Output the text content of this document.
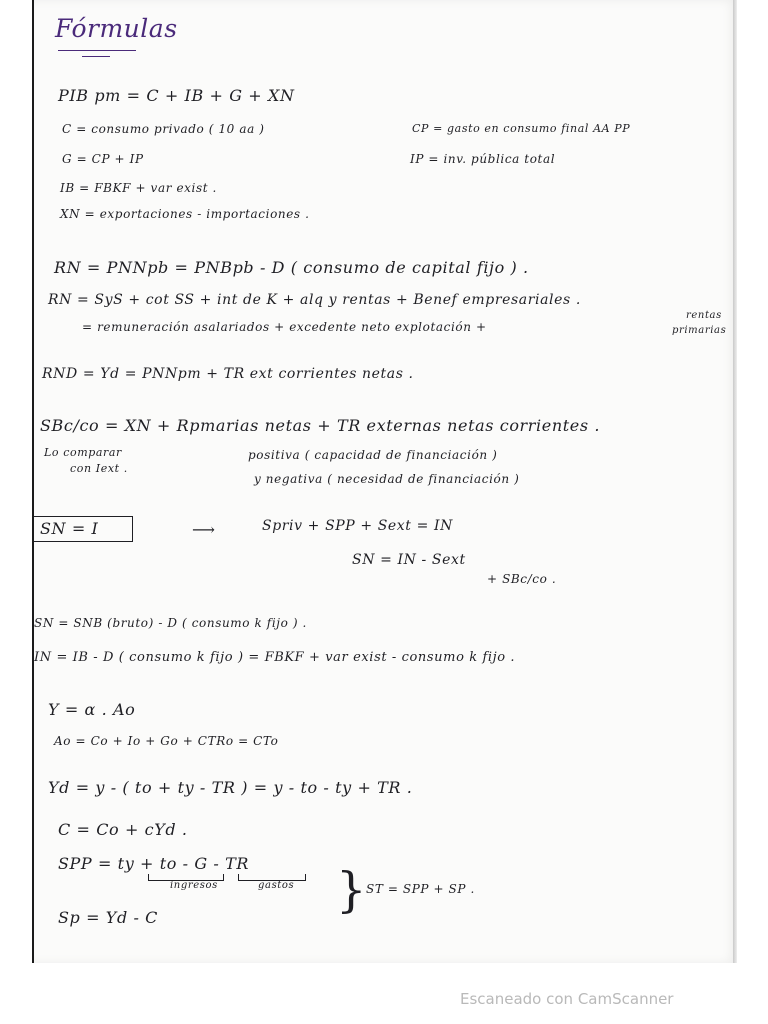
Fórmulas
PIB pm = C + IB + G + XN
C = consumo privado ( 10 aa )	CP = gasto en consumo final AA PP
G = CP + IP	IP = inv. pública total
IB = FBKF + var exist .
XN = exportaciones - importaciones .
RN = PNNpb = PNBpb - D ( consumo de capital fijo ) .
RN = SyS + cot SS + int de K + alq y rentas + Benef empresariales .
= remuneración asalariados + excedente neto explotación +
rentas
primarias
RND = Yd = PNNpm + TR ext corrientes netas .
SBc/co = XN + Rpmarias netas + TR externas netas corrientes .
Lo comparar
con Iext .
positiva ( capacidad de financiación )
y negativa ( necesidad de financiación )
SN = I	⟶	Spriv + SPP + Sext = IN
SN = IN - Sext
+ SBc/co .
SN = SNB (bruto) - D ( consumo k fijo ) .
IN = IB - D ( consumo k fijo ) = FBKF + var exist - consumo k fijo .
Y = α . Ao
Ao = Co + Io + Go + CTRo = CTo
Yd = y - ( to + ty - TR ) = y - to - ty + TR .
C = Co + cYd .
SPP = ty + to - G - TR
ingresos	gastos } ST = SPP + SP .
Sp = Yd - C
Escaneado con CamScanner
